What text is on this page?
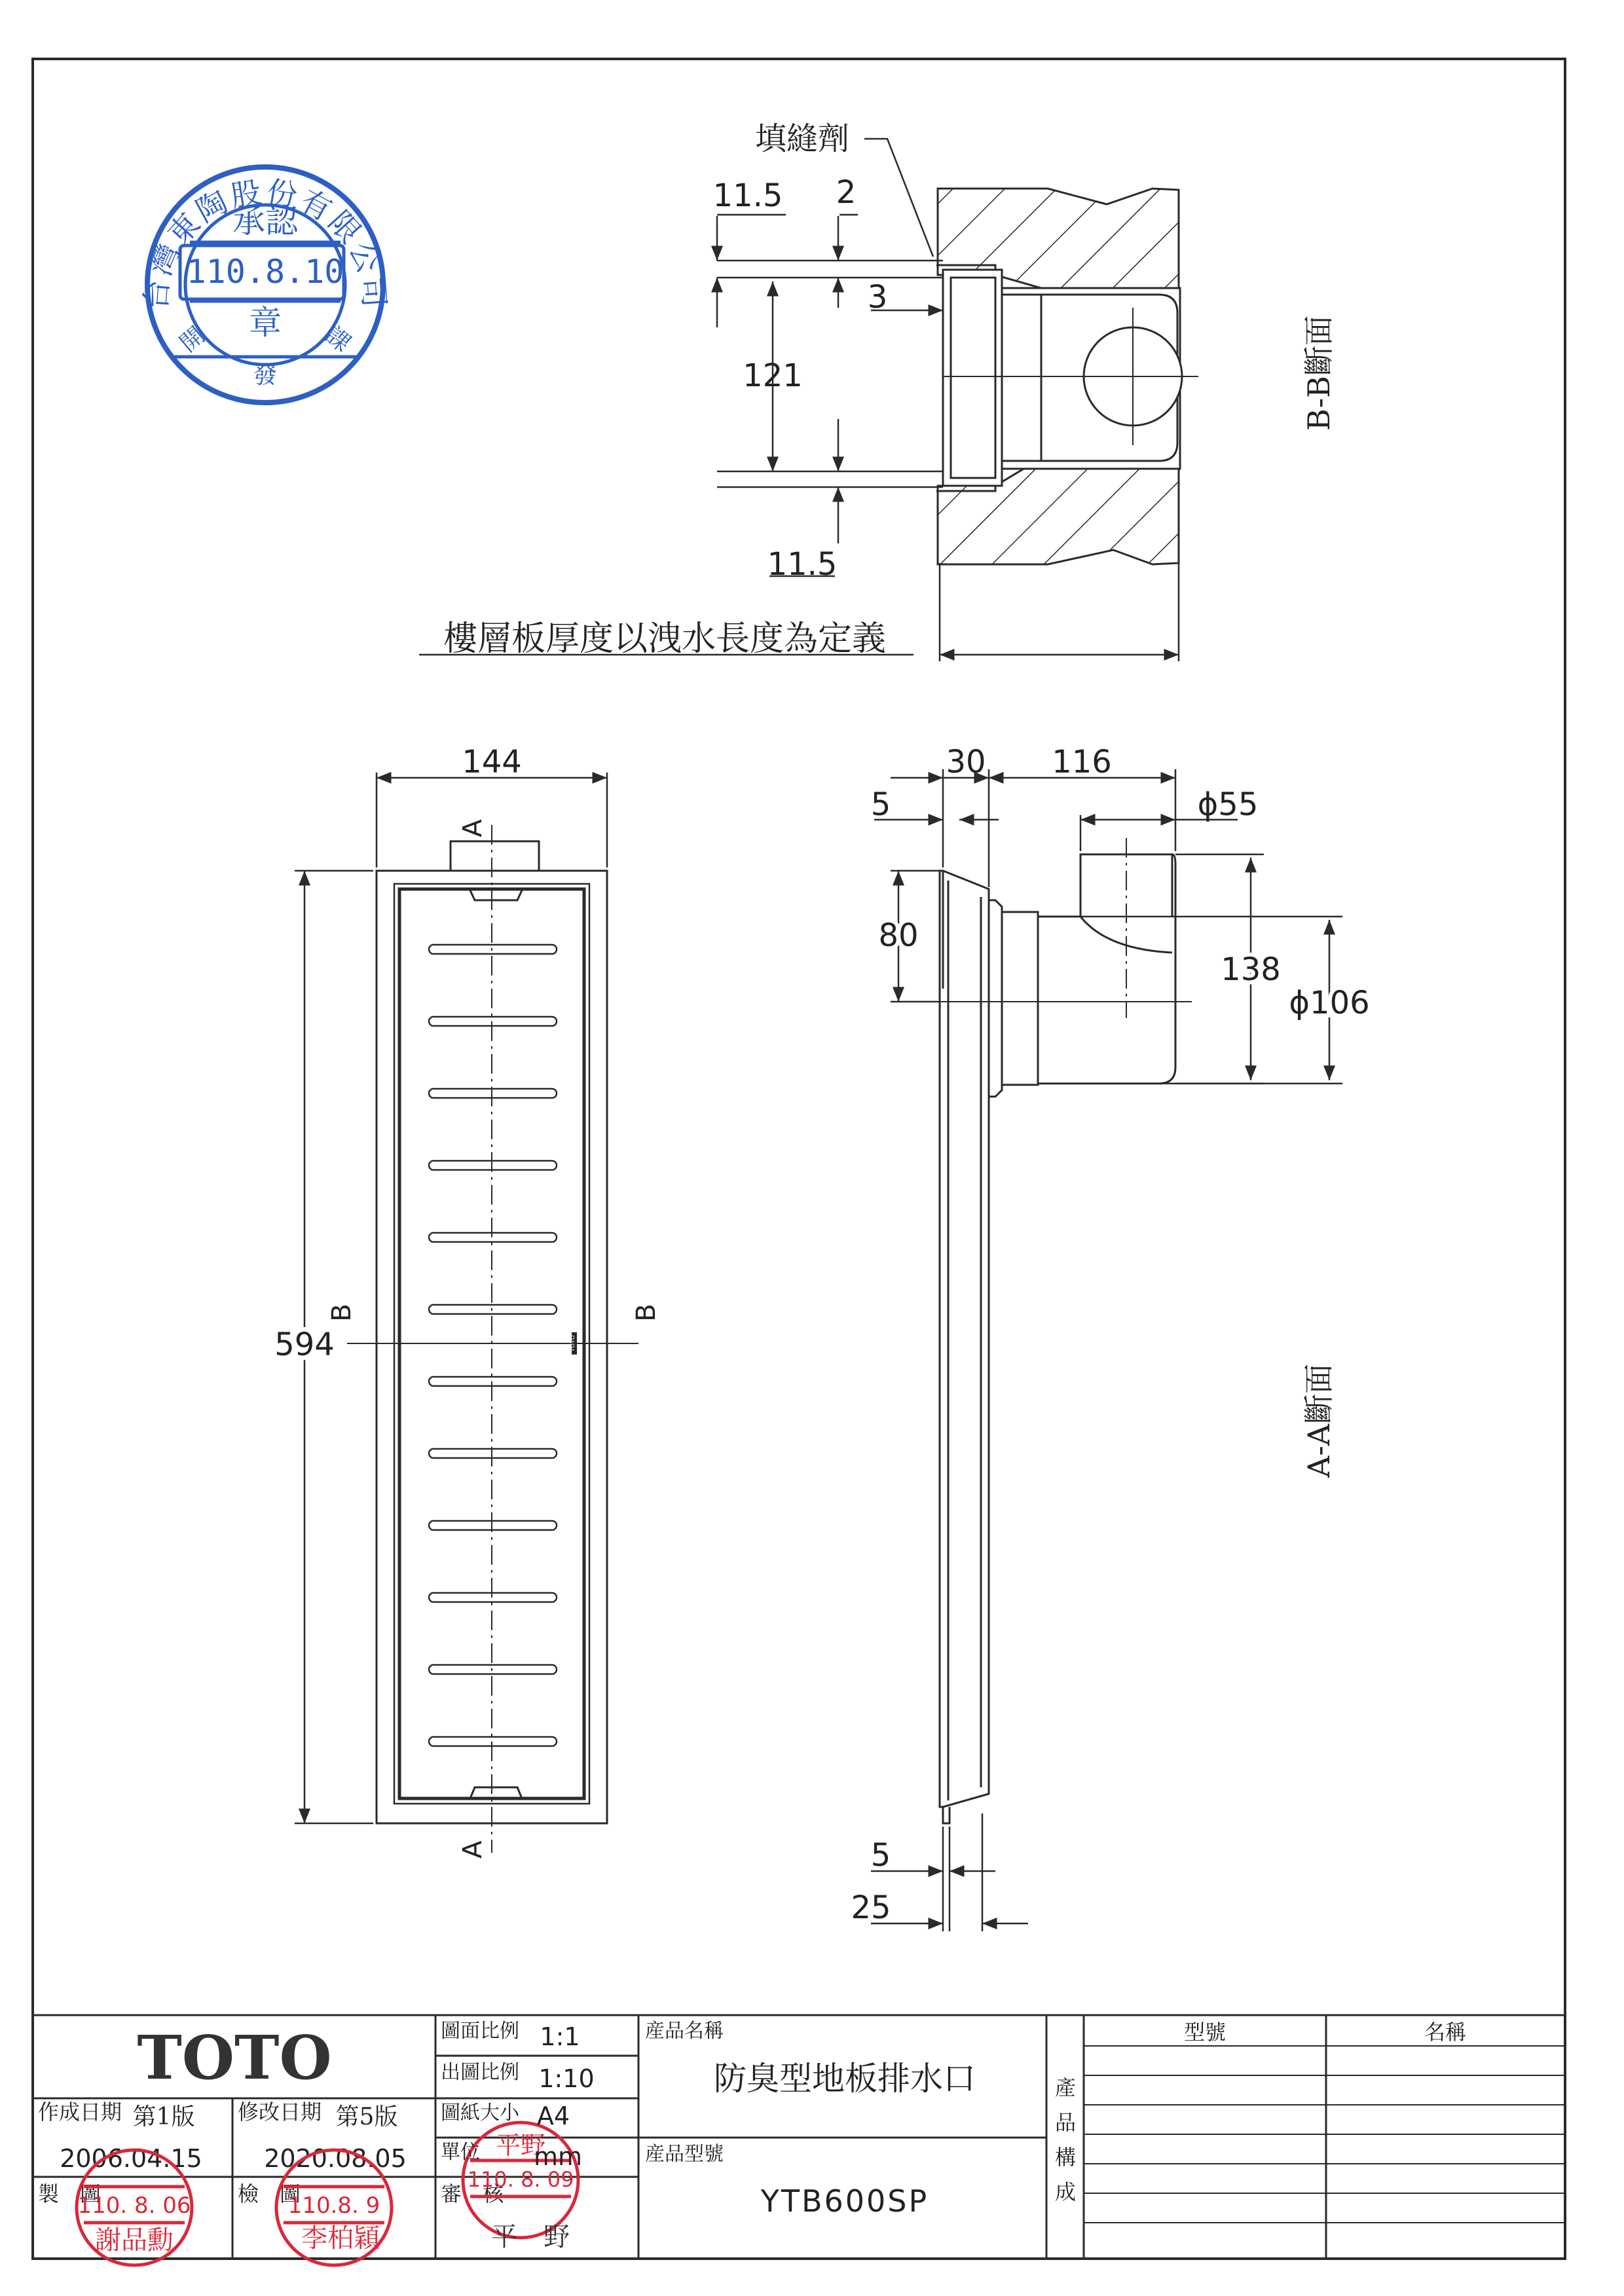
台灣東陶股份有限公司
承認
110.8.10
章
開
發
課
填縫劑
11.5 2
3
121
11.5
樓層板厚度以洩水長度為定義
B-B斷面
144
594
A
A
B	B
TOTO
30 116
5	ϕ55
80
138
ϕ106
5
25
A-A斷面
TOTO
作成日期 第1版
2006.04.15
修改日期 第5版
2020.08.05
製　圖	檢　圖	審　核
110. 8. 06
謝品勳
110.8. 9
李柏穎
平野
110. 8. 09
平　野
圖面比例 1:1
出圖比例 1:10
圖紙大小 A4
單位 mm
産品名稱
防臭型地板排水口
産品型號
YTB600SP
產
品
構
成
型號	名稱
